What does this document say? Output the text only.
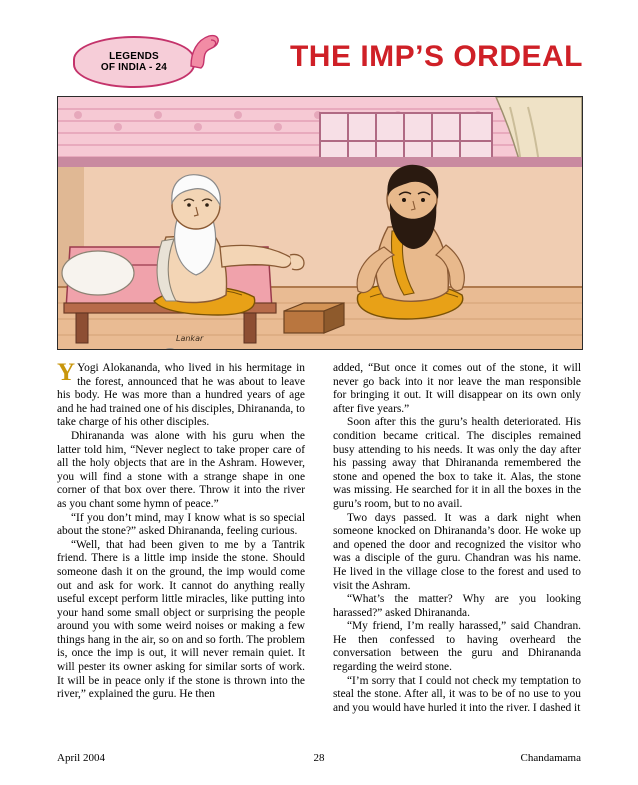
LEGENDS
OF INDIA - 24	THE IMP’S ORDEAL
Lankar

Y Yogi Alokananda, who lived in his hermitage in the forest, announced that he was about to leave his body. He was more than a hundred years of age and he had trained one of his disciples, Dhirananda, to take charge of his other disciples.

Dhirananda was alone with his guru when the latter told him, “Never neglect to take proper care of all the holy objects that are in the Ashram. However, you will find a stone with a strange shape in one corner of that box over there. Throw it into the river as you chant some hymn of peace.”

“If you don’t mind, may I know what is so special about the stone?” asked Dhirananda, feeling curious.

“Well, that had been given to me by a Tantrik friend. There is a little imp inside the stone. Should someone dash it on the ground, the imp would come out and ask for work. It cannot do anything really useful except perform little miracles, like putting into your hand some small object or surprising the people around you with some weird noises or making a few things hang in the air, so on and so forth. The problem is, once the imp is out, it will never remain quiet. It will pester its owner asking for similar sorts of work. It will be in peace only if the stone is thrown into the river,” explained the guru. He then

added, “But once it comes out of the stone, it will never go back into it nor leave the man responsible for bringing it out. It will disappear on its own only after five years.”

Soon after this the guru’s health deteriorated. His condition became critical. The disciples remained busy attending to his needs. It was only the day after his passing away that Dhirananda remembered the stone and opened the box to take it. Alas, the stone was missing. He searched for it in all the boxes in the guru’s room, but to no avail.

Two days passed. It was a dark night when someone knocked on Dhirananda’s door. He woke up and opened the door and recognized the visitor who was a disciple of the guru. Chandran was his name. He lived in the village close to the forest and used to visit the Ashram.

“What’s the matter? Why are you looking harassed?” asked Dhirananda.

“My friend, I’m really harassed,” said Chandran. He then confessed to having overheard the conversation between the guru and Dhirananda regarding the weird stone.

“I’m sorry that I could not check my temptation to steal the stone. After all, it was to be of no use to you and you would have hurled it into the river. I dashed it

April 2004	28	Chandamama
